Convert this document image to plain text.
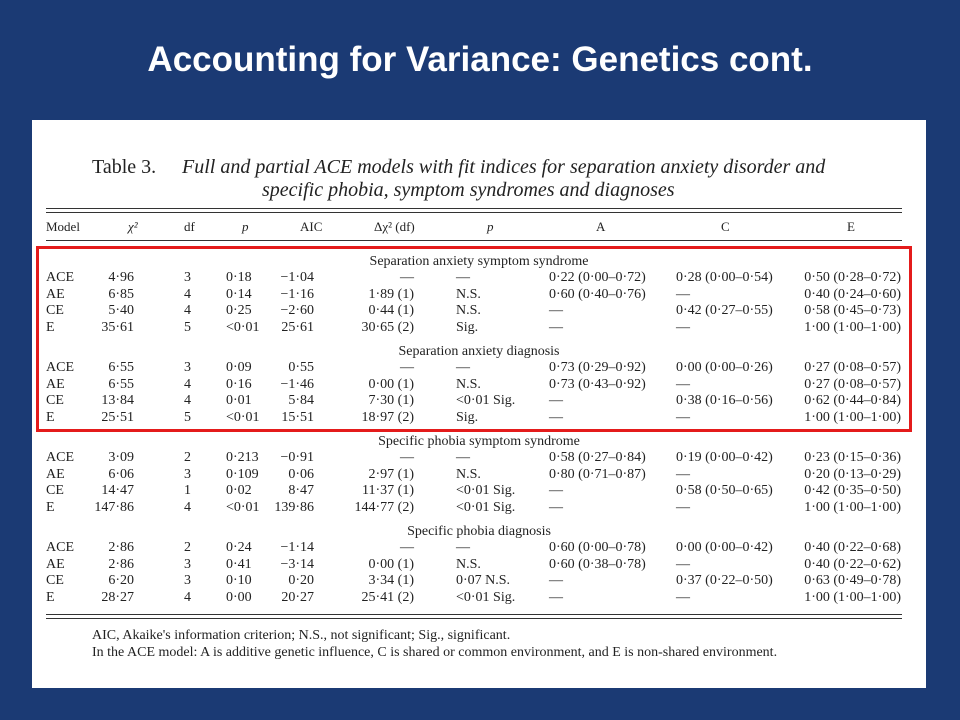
Accounting for Variance: Genetics cont.
Table 3. Full and partial ACE models with fit indices for separation anxiety disorder and
specific phobia, symptom syndromes and diagnoses
Model	χ²	df	p	AIC	Δχ² (df)	p	A	C	E
Separation anxiety symptom syndrome
ACE 4·96	3	0·18 −1·04	—	—	0·22 (0·00–0·72) 0·28 (0·00–0·54) 0·50 (0·28–0·72)
AE	6·85	4	0·14 −1·16	1·89 (1)	N.S.	0·60 (0·40–0·76) —	0·40 (0·24–0·60)
CE	5·40	4	0·25 −2·60	0·44 (1)	N.S.	—	0·42 (0·27–0·55) 0·58 (0·45–0·73)
E	35·61	5	<0·01 25·61	30·65 (2)	Sig.	—	—	1·00 (1·00–1·00)
Separation anxiety diagnosis
ACE 6·55	3	0·09	0·55	—	—	0·73 (0·29–0·92) 0·00 (0·00–0·26) 0·27 (0·08–0·57)
AE	6·55	4	0·16 −1·46	0·00 (1)	N.S.	0·73 (0·43–0·92) —	0·27 (0·08–0·57)
CE	13·84	4	0·01	5·84	7·30 (1)	<0·01 Sig. —	0·38 (0·16–0·56) 0·62 (0·44–0·84)
E	25·51	5	<0·01 15·51	18·97 (2)	Sig.	—	—	1·00 (1·00–1·00)
Specific phobia symptom syndrome
ACE 3·09	2	0·213 −0·91	—	—	0·58 (0·27–0·84) 0·19 (0·00–0·42) 0·23 (0·15–0·36)
AE	6·06	3	0·109 0·06	2·97 (1)	N.S.	0·80 (0·71–0·87) —	0·20 (0·13–0·29)
CE	14·47	1	0·02	8·47	11·37 (1)	<0·01 Sig. —	0·58 (0·50–0·65) 0·42 (0·35–0·50)
E	147·86	4	<0·01 139·86	144·77 (2)	<0·01 Sig. —	—	1·00 (1·00–1·00)
Specific phobia diagnosis
ACE 2·86	2	0·24 −1·14	—	—	0·60 (0·00–0·78) 0·00 (0·00–0·42) 0·40 (0·22–0·68)
AE	2·86	3	0·41 −3·14	0·00 (1)	N.S.	0·60 (0·38–0·78) —	0·40 (0·22–0·62)
CE	6·20	3	0·10	0·20	3·34 (1)	0·07 N.S.	—	0·37 (0·22–0·50) 0·63 (0·49–0·78)
E	28·27	4	0·00 20·27	25·41 (2)	<0·01 Sig. —	—	1·00 (1·00–1·00)
AIC, Akaike's information criterion; N.S., not significant; Sig., significant.
In the ACE model: A is additive genetic influence, C is shared or common environment, and E is non-shared environment.
